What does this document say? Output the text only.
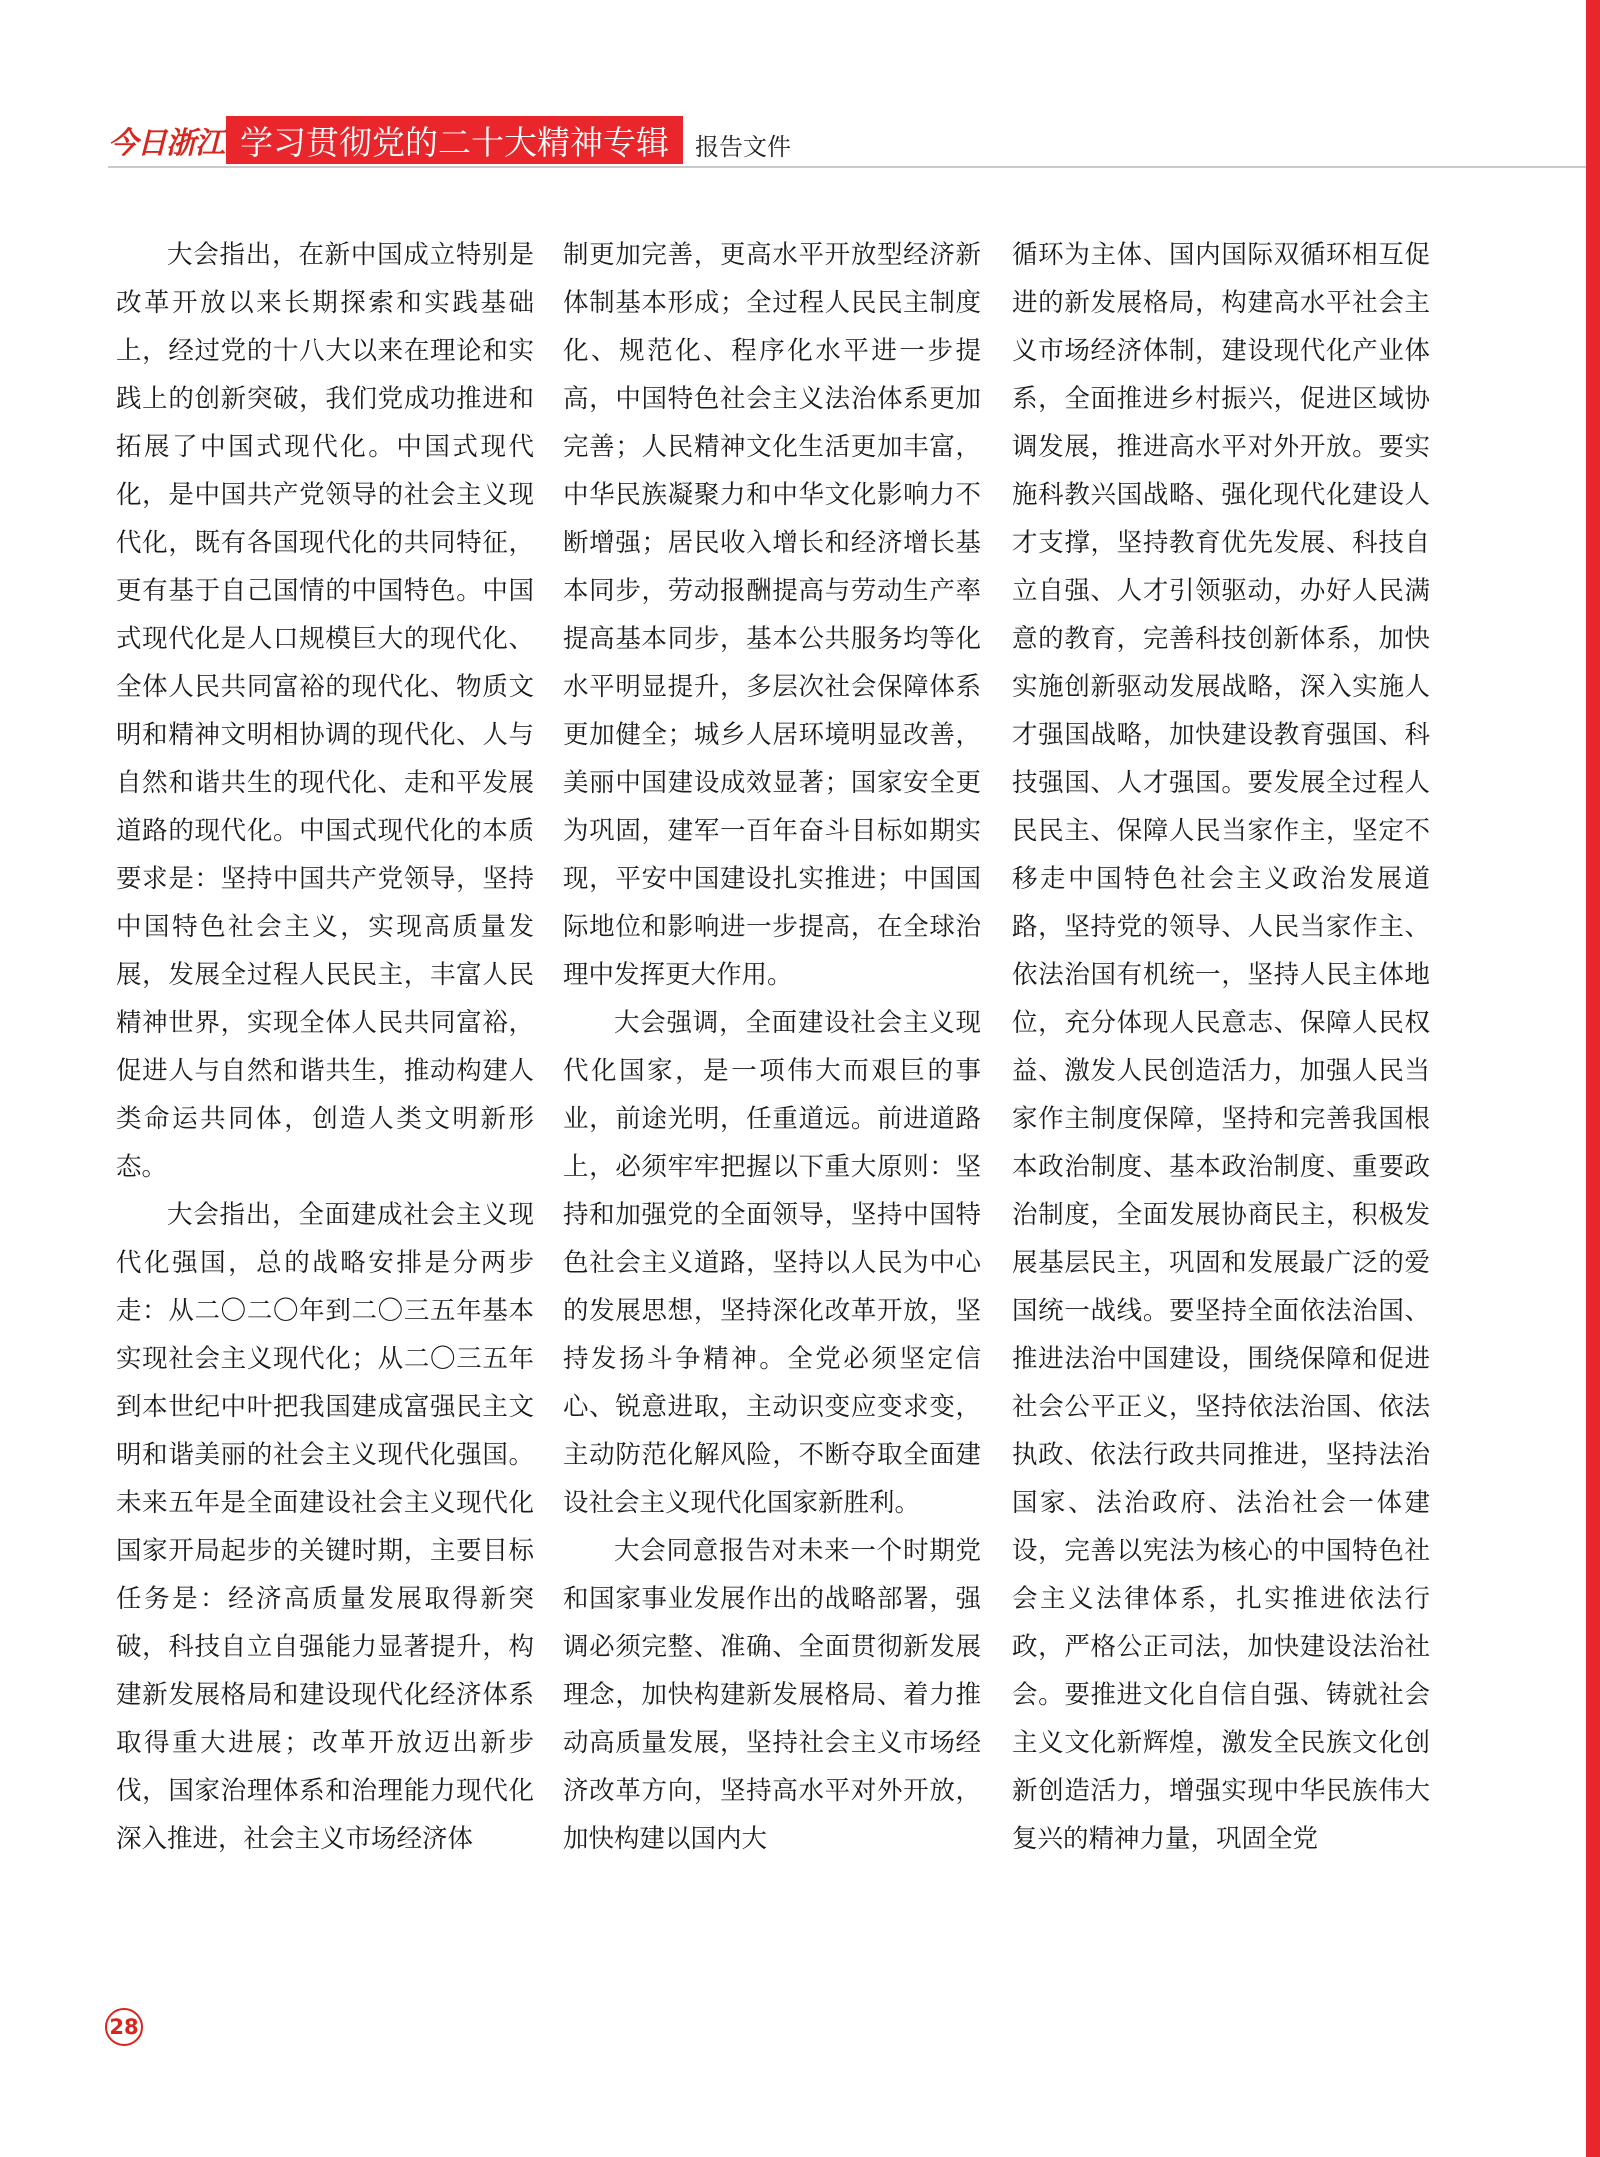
今日浙江 学习贯彻党的二十大精神专辑	报告文件

大会指出，在新中国成立特别是改革开放以来长期探索和实践基础上，经过党的十八大以来在理论和实践上的创新突破，我们党成功推进和拓展了中国式现代化。中国式现代化，是中国共产党领导的社会主义现代化，既有各国现代化的共同特征，更有基于自己国情的中国特色。中国式现代化是人口规模巨大的现代化、全体人民共同富裕的现代化、物质文明和精神文明相协调的现代化、人与自然和谐共生的现代化、走和平发展道路的现代化。中国式现代化的本质要求是：坚持中国共产党领导，坚持中国特色社会主义，实现高质量发展，发展全过程人民民主，丰富人民精神世界，实现全体人民共同富裕，促进人与自然和谐共生，推动构建人类命运共同体，创造人类文明新形态。

大会指出，全面建成社会主义现代化强国，总的战略安排是分两步走：从二〇二〇年到二〇三五年基本实现社会主义现代化；从二〇三五年到本世纪中叶把我国建成富强民主文明和谐美丽的社会主义现代化强国。未来五年是全面建设社会主义现代化国家开局起步的关键时期，主要目标任务是：经济高质量发展取得新突破，科技自立自强能力显著提升，构建新发展格局和建设现代化经济体系取得重大进展；改革开放迈出新步伐，国家治理体系和治理能力现代化深入推进，社会主义市场经济体

制更加完善，更高水平开放型经济新体制基本形成；全过程人民民主制度化、规范化、程序化水平进一步提高，中国特色社会主义法治体系更加完善；人民精神文化生活更加丰富，中华民族凝聚力和中华文化影响力不断增强；居民收入增长和经济增长基本同步，劳动报酬提高与劳动生产率提高基本同步，基本公共服务均等化水平明显提升，多层次社会保障体系更加健全；城乡人居环境明显改善，美丽中国建设成效显著；国家安全更为巩固，建军一百年奋斗目标如期实现，平安中国建设扎实推进；中国国际地位和影响进一步提高，在全球治理中发挥更大作用。

大会强调，全面建设社会主义现代化国家，是一项伟大而艰巨的事业，前途光明，任重道远。前进道路上，必须牢牢把握以下重大原则：坚持和加强党的全面领导，坚持中国特色社会主义道路，坚持以人民为中心的发展思想，坚持深化改革开放，坚持发扬斗争精神。全党必须坚定信心、锐意进取，主动识变应变求变，主动防范化解风险，不断夺取全面建设社会主义现代化国家新胜利。

大会同意报告对未来一个时期党和国家事业发展作出的战略部署，强调必须完整、准确、全面贯彻新发展理念，加快构建新发展格局、着力推动高质量发展，坚持社会主义市场经济改革方向，坚持高水平对外开放，加快构建以国内大

循环为主体、国内国际双循环相互促进的新发展格局，构建高水平社会主义市场经济体制，建设现代化产业体系，全面推进乡村振兴，促进区域协调发展，推进高水平对外开放。要实施科教兴国战略、强化现代化建设人才支撑，坚持教育优先发展、科技自立自强、人才引领驱动，办好人民满意的教育，完善科技创新体系，加快实施创新驱动发展战略，深入实施人才强国战略，加快建设教育强国、科技强国、人才强国。要发展全过程人民民主、保障人民当家作主，坚定不移走中国特色社会主义政治发展道路，坚持党的领导、人民当家作主、依法治国有机统一，坚持人民主体地位，充分体现人民意志、保障人民权益、激发人民创造活力，加强人民当家作主制度保障，坚持和完善我国根本政治制度、基本政治制度、重要政治制度，全面发展协商民主，积极发展基层民主，巩固和发展最广泛的爱国统一战线。要坚持全面依法治国、推进法治中国建设，围绕保障和促进社会公平正义，坚持依法治国、依法执政、依法行政共同推进，坚持法治国家、法治政府、法治社会一体建设，完善以宪法为核心的中国特色社会主义法律体系，扎实推进依法行政，严格公正司法，加快建设法治社会。要推进文化自信自强、铸就社会主义文化新辉煌，激发全民族文化创新创造活力，增强实现中华民族伟大复兴的精神力量，巩固全党

28
